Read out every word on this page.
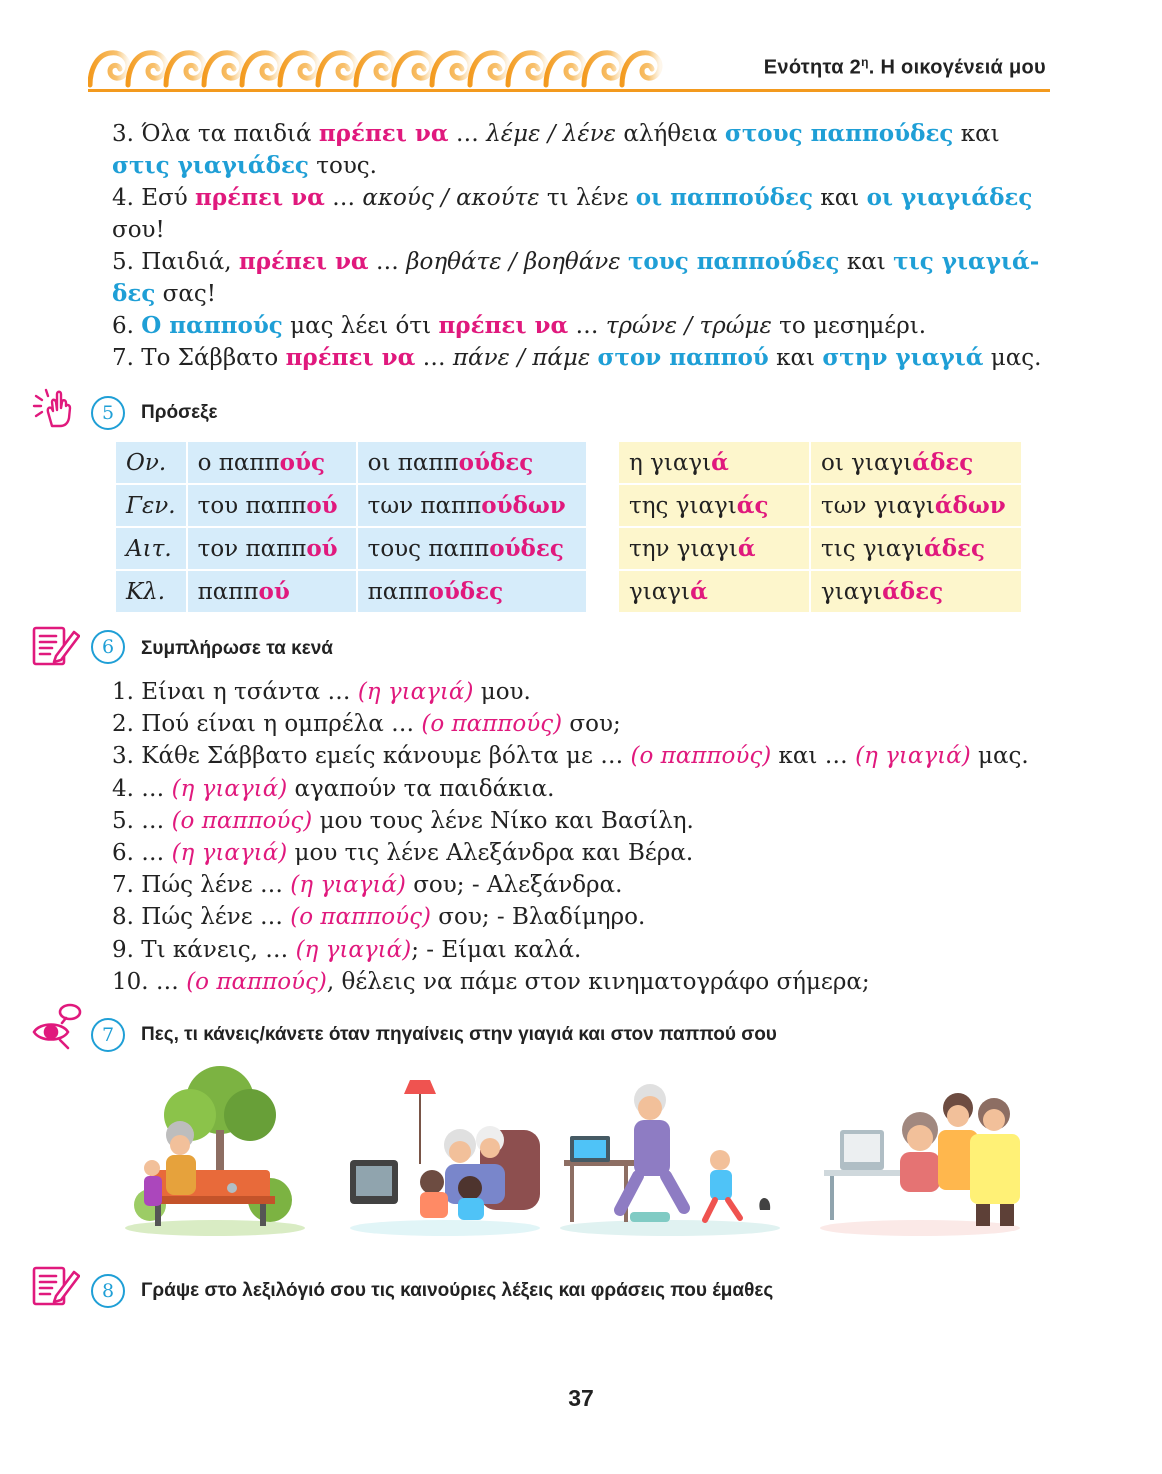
Ενότητα $2^\eta$. Η οικογένειά μου
3. Όλα τα παιδιά πρέπει να … λέμε / λένε αλήθεια στους παππούδες και
στις γιαγιάδες τους.
4. Εσύ πρέπει να … ακούς / ακούτε τι λένε οι παππούδες και οι γιαγιάδες
σου!
5. Παιδιά, πρέπει να … βοηθάτε / βοηθάνε τους παππούδες και τις γιαγιά-
δες σας!
6. Ο παππούς μας λέει ότι πρέπει να … τρώνε / τρώμε το μεσημέρι.
7. Το Σάββατο πρέπει να … πάνε / πάμε στον παππού και στην γιαγιά μας.
5	Πρόσεξε
Ον.	ο παππούς	οι παππούδες
Γεν.	του παππού	των παππούδων
Αιτ.	τον παππού	τους παππούδες
Κλ.	παππού	παππούδες
η γιαγιά	οι γιαγιάδες
της γιαγιάς	των γιαγιάδων
την γιαγιά	τις γιαγιάδες
γιαγιά	γιαγιάδες
6	Συμπλήρωσε τα κενά
1. Είναι η τσάντα … (η γιαγιά) μου.
2. Πού είναι η ομπρέλα … (ο παππούς) σου;
3. Κάθε Σάββατο εμείς κάνουμε βόλτα με … (ο παππούς) και … (η γιαγιά) μας.
4. … (η γιαγιά) αγαπούν τα παιδάκια.
5. … (ο παππούς) μου τους λένε Νίκο και Βασίλη.
6. … (η γιαγιά) μου τις λένε Αλεξάνδρα και Βέρα.
7. Πώς λένε … (η γιαγιά) σου; - Αλεξάνδρα.
8. Πώς λένε … (ο παππούς) σου; - Βλαδίμηρο.
9. Τι κάνεις, … (η γιαγιά); - Είμαι καλά.
10. … (ο παππούς), θέλεις να πάμε στον κινηματογράφο σήμερα;
7	Πες, τι κάνεις/κάνετε όταν πηγαίνεις στην γιαγιά και στον παππού σου
8	Γράψε στο λεξιλόγιό σου τις καινούριες λέξεις και φράσεις που έμαθες
37
